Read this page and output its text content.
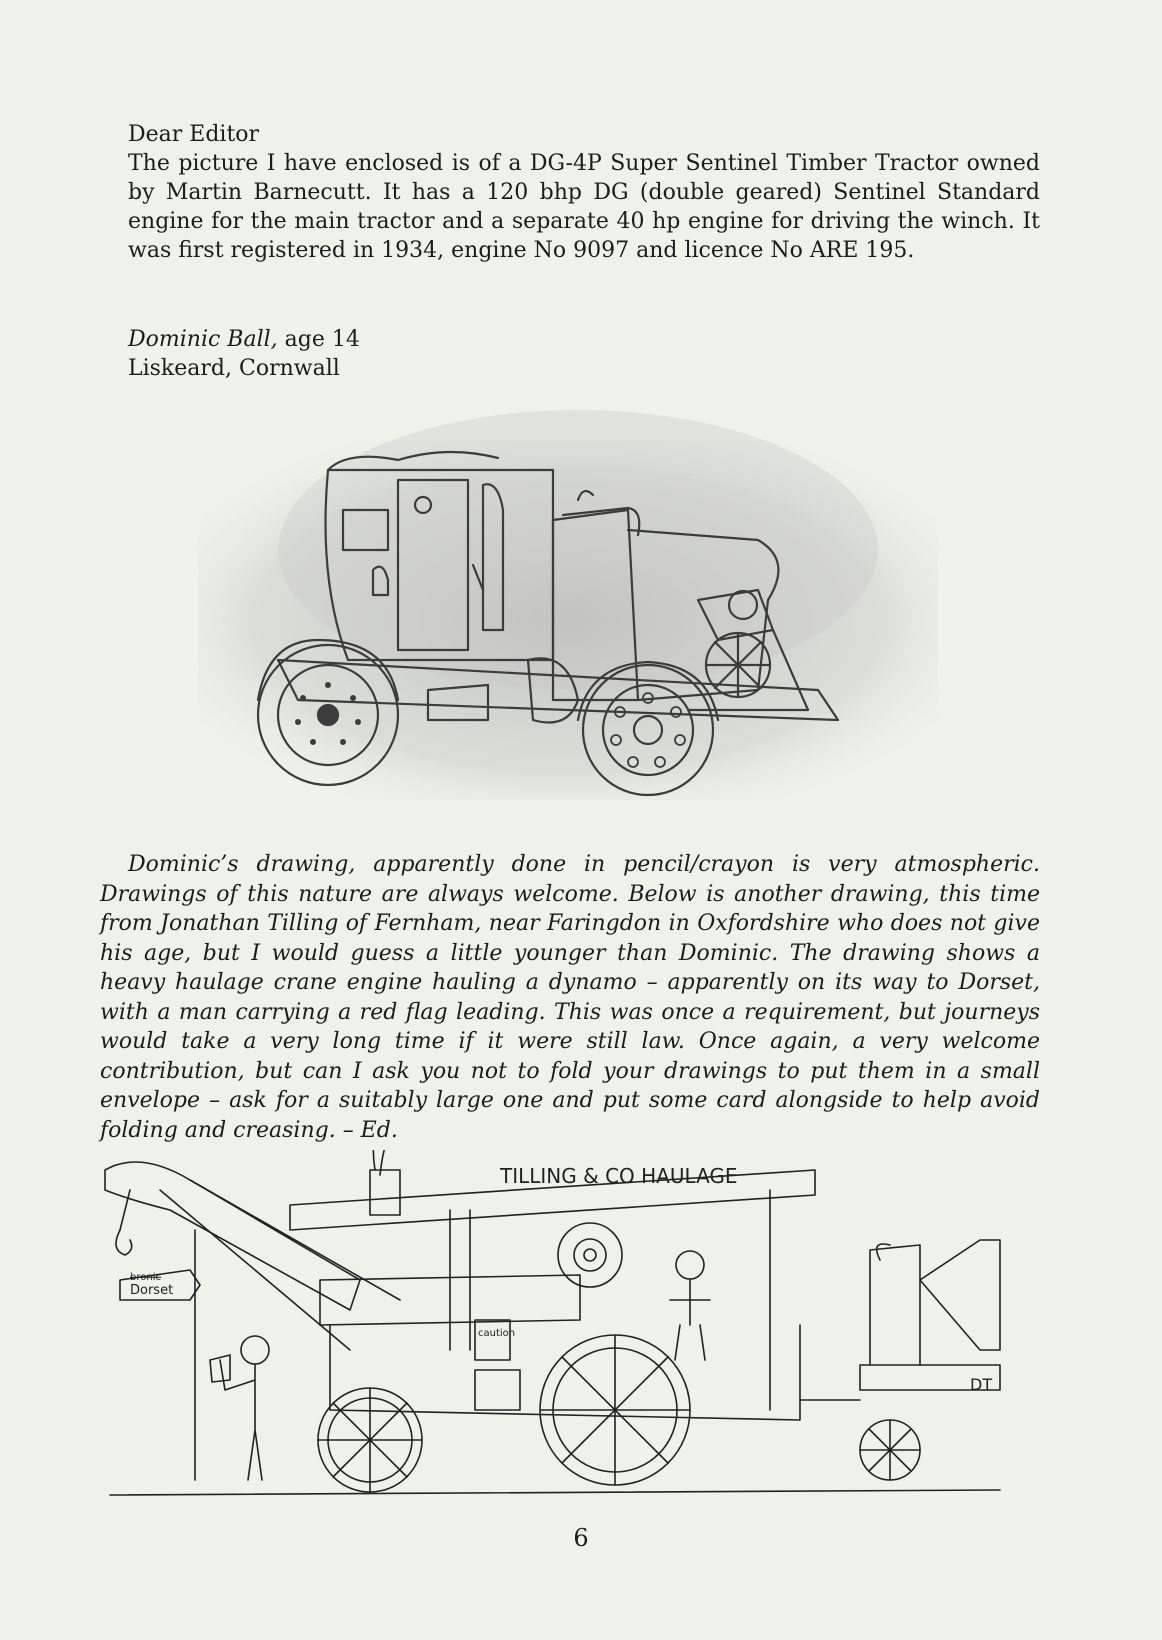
Dear Editor

The picture I have enclosed is of a DG-4P Super Sentinel Timber Tractor owned by Martin Barnecutt. It has a 120 bhp DG (double geared) Sentinel Standard engine for the main tractor and a separate 40 hp engine for driving the winch. It was first registered in 1934, engine No 9097 and licence No ARE 195.

Dominic Ball, age 14
Liskeard, Cornwall
Dominic’s drawing, apparently done in pencil/crayon is very atmospheric. Drawings of this nature are always welcome. Below is another drawing, this time from Jonathan Tilling of Fernham, near Faringdon in Oxfordshire who does not give his age, but I would guess a little younger than Dominic. The drawing shows a heavy haulage crane engine hauling a dynamo – apparently on its way to Dorset, with a man carrying a red flag leading. This was once a requirement, but journeys would take a very long time if it were still law. Once again, a very welcome contribution, but can I ask you not to fold your drawings to put them in a small envelope – ask for a suitably large one and put some card alongside to help avoid folding and creasing. – Ed.
TILLING & CO HAULAGE
Dorset
bronic
caution
DT
6
